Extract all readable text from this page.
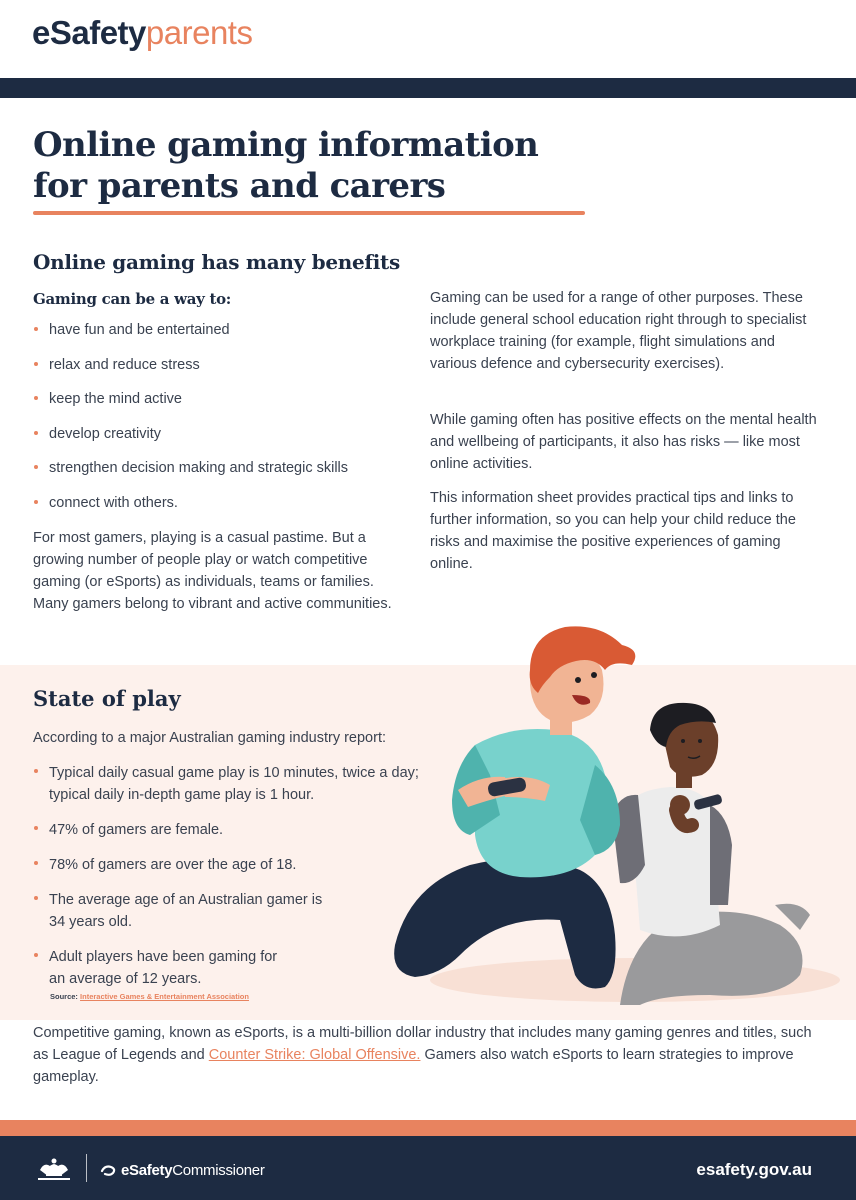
eSafetyparents
Online gaming information
for parents and carers
Online gaming has many benefits
Gaming can be a way to:
have fun and be entertained
relax and reduce stress
keep the mind active
develop creativity
strengthen decision making and strategic skills
connect with others.

For most gamers, playing is a casual pastime. But a growing number of people play or watch competitive gaming (or eSports) as individuals, teams or families. Many gamers belong to vibrant and active communities.

Gaming can be used for a range of other purposes. These include general school education right through to specialist workplace training (for example, flight simulations and various defence and cybersecurity exercises).

While gaming often has positive effects on the mental health and wellbeing of participants, it also has risks — like most online activities.

This information sheet provides practical tips and links to further information, so you can help your child reduce the risks and maximise the positive experiences of gaming online.

State of play

According to a major Australian gaming industry report:

Typical daily casual game play is 10 minutes, twice a day;
typical daily in-depth game play is 1 hour.
47% of gamers are female.
78% of gamers are over the age of 18.
The average age of an Australian gamer is
34 years old.
Adult players have been gaming for
an average of 12 years.
Source: Interactive Games & Entertainment Association

Competitive gaming, known as eSports, is a multi-billion dollar industry that includes many gaming genres and titles, such as League of Legends and Counter Strike: Global Offensive. Gamers also watch eSports to learn strategies to improve gameplay.

eSafetyCommissioner	esafety.gov.au
